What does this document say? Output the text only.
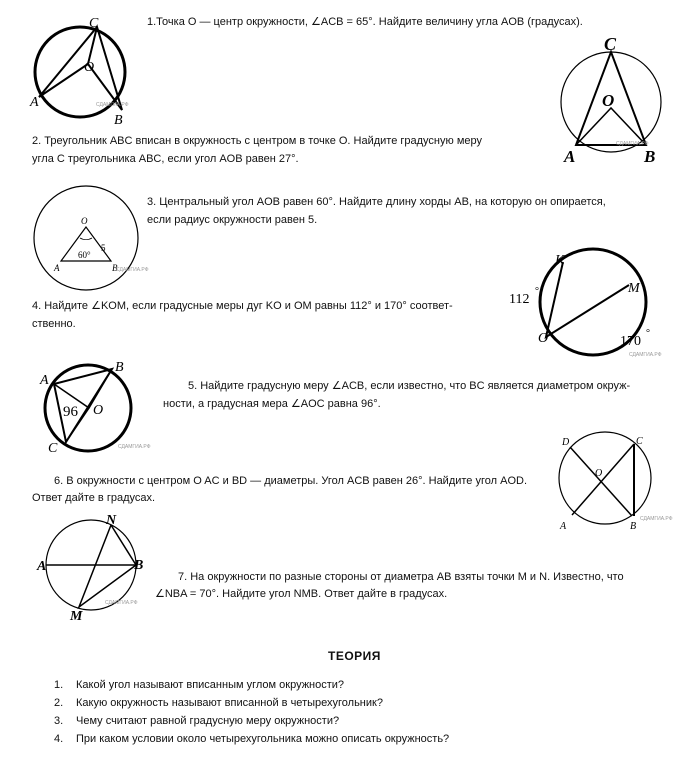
1.Точка O — центр окружности, ∠ACB = 65°. Найдите величину угла AOB (градусах).
C
O
A
B
СДАМГИА.РФ
C
O
A	B
СДАМГИА.РФ
2. Треугольник ABC вписан в окружность с центром в точке O. Найдите градусную меру
угла C треугольника ABC, если угол AOB равен 27°.
O
A	B
5
60°
СДАМГИА.РФ
3. Центральный угол AOB равен 60°. Найдите длину хорды AB, на которую он опирается,
если радиус окружности равен 5.
K
M
O
112
°
170
°
СДАМГИА.РФ
4. Найдите ∠KOM, если градусные меры дуг KO и OM равны 112° и 170° соответ-
ственно.
A
B
C
O
96
СДАМГИА.РФ
5. Найдите градусную меру ∠ACB, если известно, что BC является диаметром окруж-
ности, а градусная мера ∠AOC равна 96°.
D	C
O
A	B
СДАМГИА.РФ
6. В окружности с центром O AC и BD — диаметры. Угол ACB равен 26°. Найдите угол AOD.
Ответ дайте в градусах.
N
A	B
M
СДАМГИА.РФ
7. На окружности по разные стороны от диаметра AB взяты точки M и N. Известно, что
∠NBA = 70°. Найдите угол NMB. Ответ дайте в градусах.
ТЕОРИЯ
1. Какой угол называют вписанным углом окружности?
2. Какую окружность называют вписанной в четырехугольник?
3. Чему считают равной градусную меру окружности?
4. При каком условии около четырехугольника можно описать окружность?
